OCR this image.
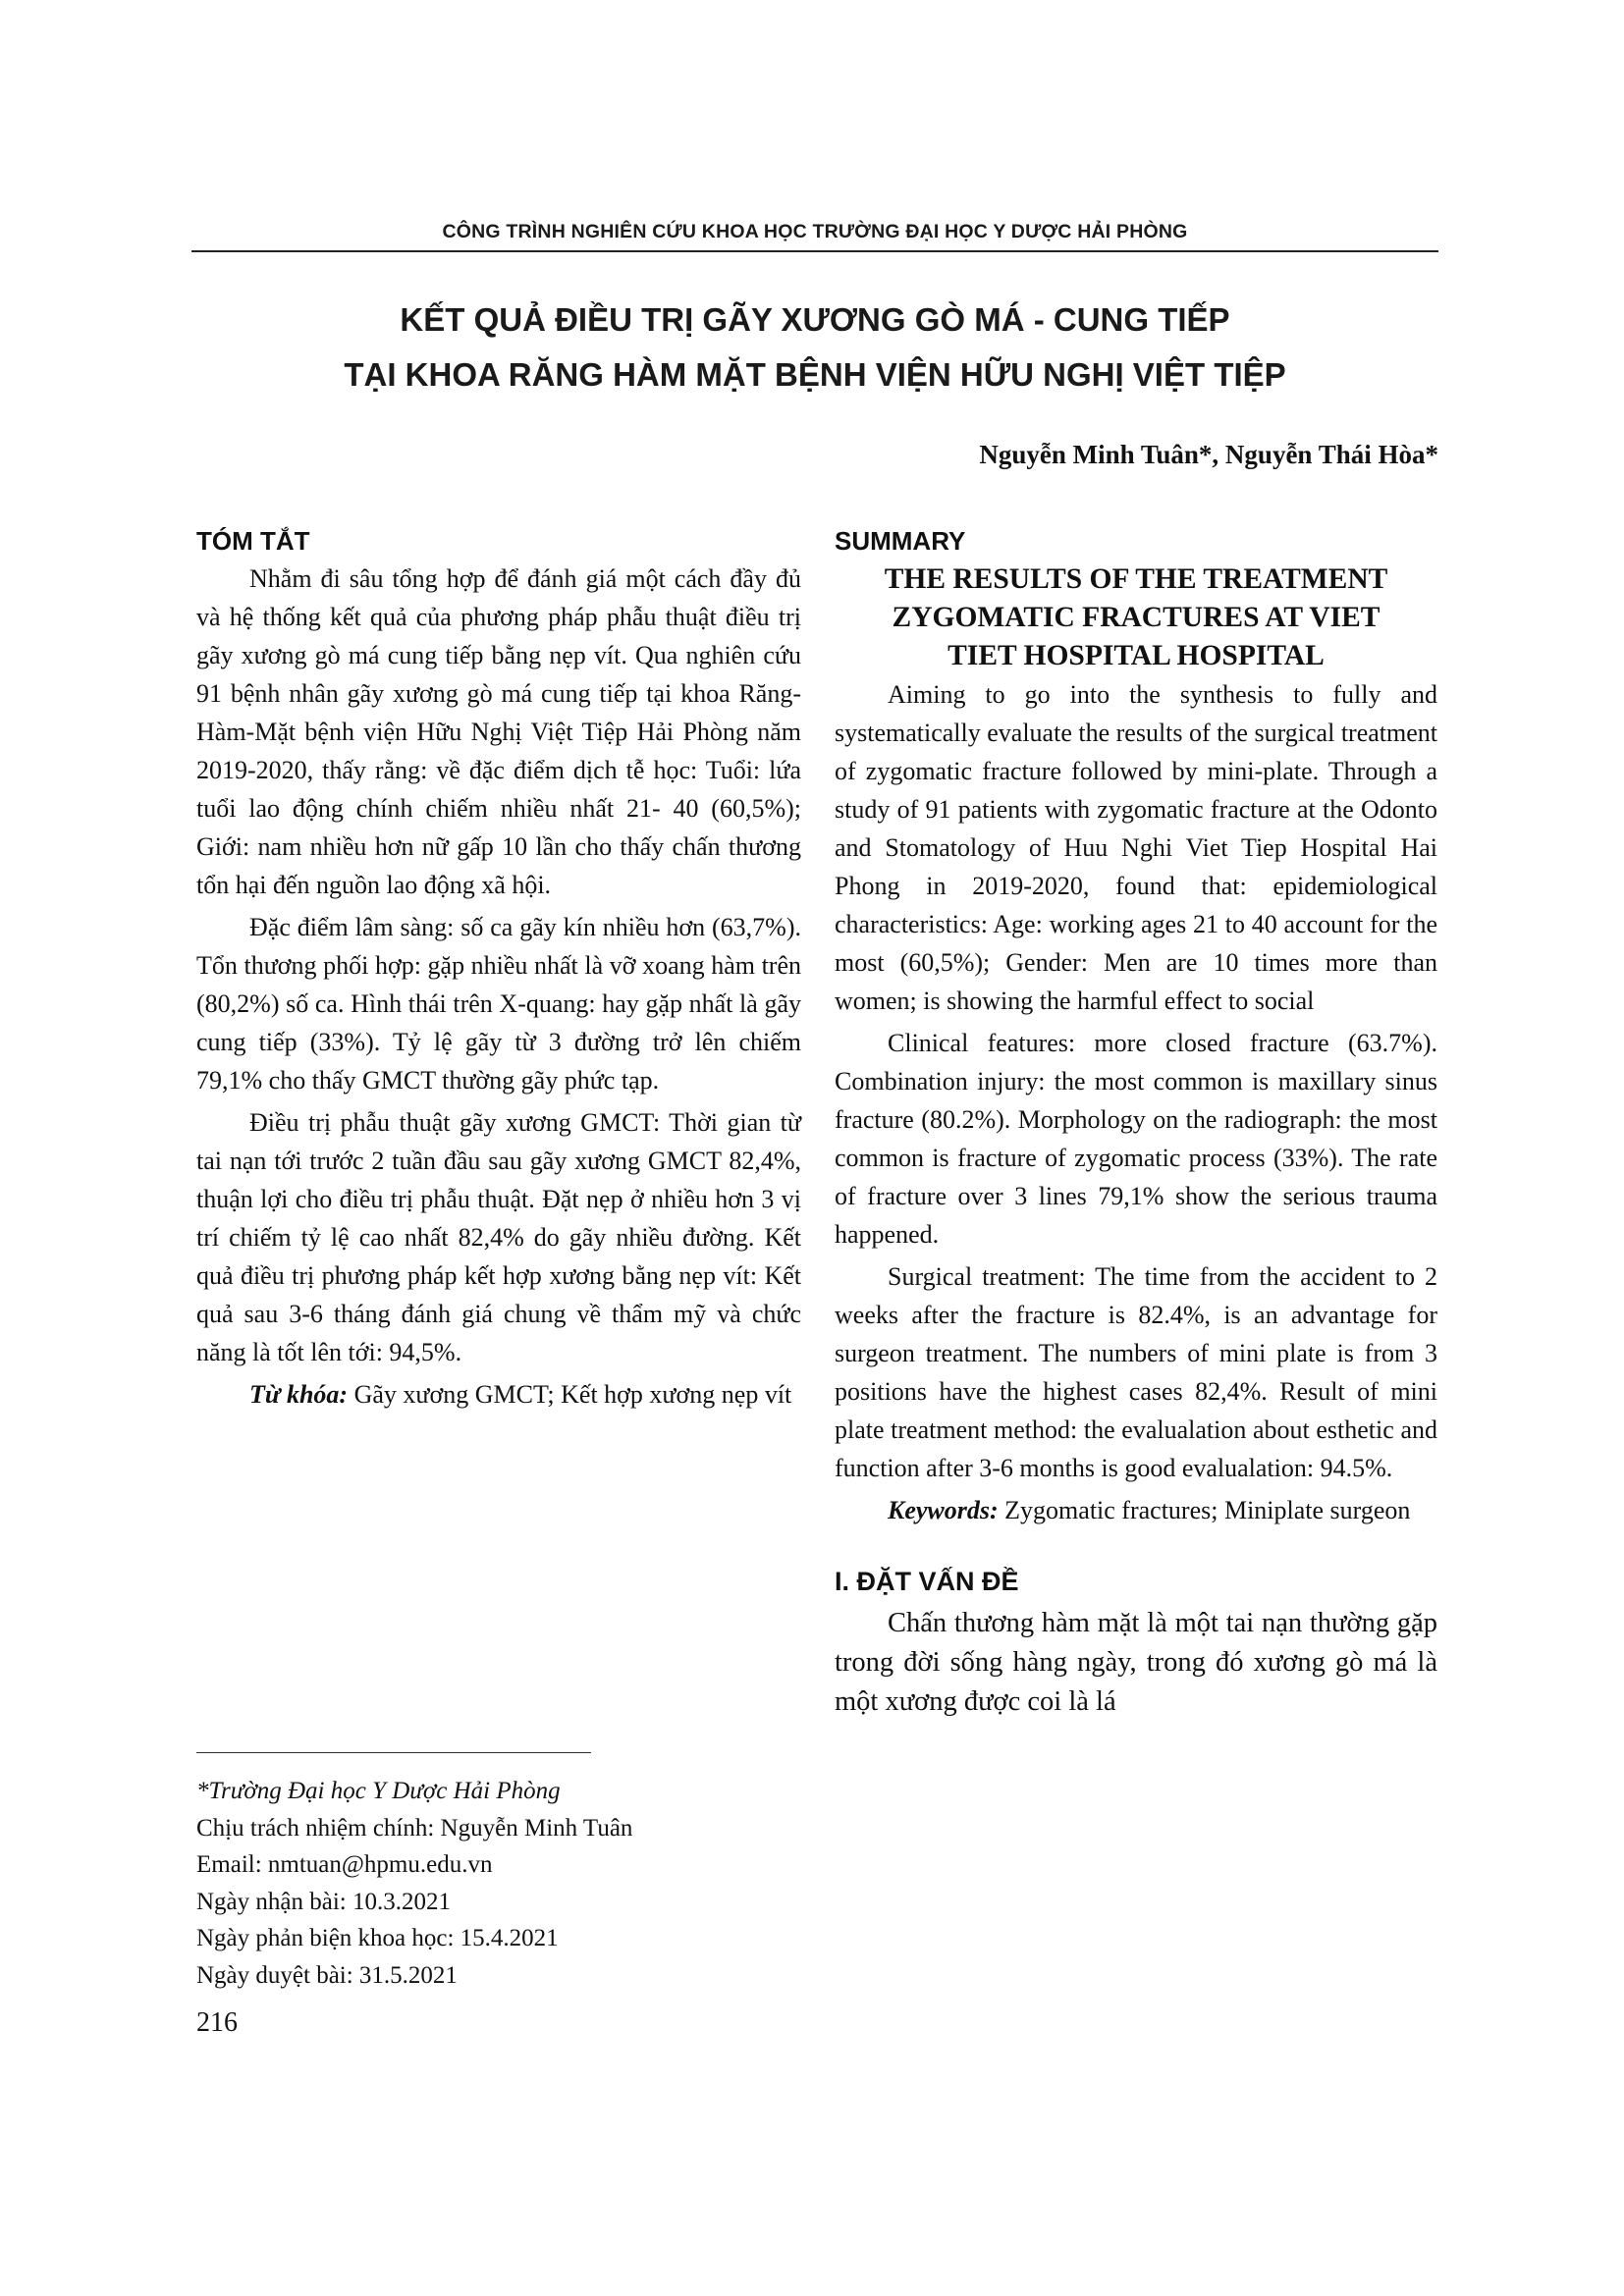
CÔNG TRÌNH NGHIÊN CỨU KHOA HỌC TRƯỜNG ĐẠI HỌC Y DƯỢC HẢI PHÒNG
KẾT QUẢ ĐIỀU TRỊ GÃY XƯƠNG GÒ MÁ - CUNG TIẾP
TẠI KHOA RĂNG HÀM MẶT BỆNH VIỆN HỮU NGHỊ VIỆT TIỆP
Nguyễn Minh Tuân*, Nguyễn Thái Hòa*
TÓM TẮT

Nhằm đi sâu tổng hợp để đánh giá một cách đầy đủ và hệ thống kết quả của phương pháp phẫu thuật điều trị gãy xương gò má cung tiếp bằng nẹp vít. Qua nghiên cứu 91 bệnh nhân gãy xương gò má cung tiếp tại khoa Răng-Hàm-Mặt bệnh viện Hữu Nghị Việt Tiệp Hải Phòng năm 2019-2020, thấy rằng: về đặc điểm dịch tễ học: Tuổi: lứa tuổi lao động chính chiếm nhiều nhất 21- 40 (60,5%); Giới: nam nhiều hơn nữ gấp 10 lần cho thấy chấn thương tổn hại đến nguồn lao động xã hội.

Đặc điểm lâm sàng: số ca gãy kín nhiều hơn (63,7%). Tổn thương phối hợp: gặp nhiều nhất là vỡ xoang hàm trên (80,2%) số ca. Hình thái trên X-quang: hay gặp nhất là gãy cung tiếp (33%). Tỷ lệ gãy từ 3 đường trở lên chiếm 79,1% cho thấy GMCT thường gãy phức tạp.

Điều trị phẫu thuật gãy xương GMCT: Thời gian từ tai nạn tới trước 2 tuần đầu sau gãy xương GMCT 82,4%, thuận lợi cho điều trị phẫu thuật. Đặt nẹp ở nhiều hơn 3 vị trí chiếm tỷ lệ cao nhất 82,4% do gãy nhiều đường. Kết quả điều trị phương pháp kết hợp xương bằng nẹp vít: Kết quả sau 3-6 tháng đánh giá chung về thẩm mỹ và chức năng là tốt lên tới: 94,5%.

Từ khóa: Gãy xương GMCT; Kết hợp xương nẹp vít

*Trường Đại học Y Dược Hải Phòng
Chịu trách nhiệm chính: Nguyễn Minh Tuân
Email: nmtuan@hpmu.edu.vn
Ngày nhận bài: 10.3.2021
Ngày phản biện khoa học: 15.4.2021
Ngày duyệt bài: 31.5.2021
216
SUMMARY
THE RESULTS OF THE TREATMENT
ZYGOMATIC FRACTURES AT VIET
TIET HOSPITAL HOSPITAL

Aiming to go into the synthesis to fully and systematically evaluate the results of the surgical treatment of zygomatic fracture followed by mini-plate. Through a study of 91 patients with zygomatic fracture at the Odonto and Stomatology of Huu Nghi Viet Tiep Hospital Hai Phong in 2019-2020, found that: epidemiological characteristics: Age: working ages 21 to 40 account for the most (60,5%); Gender: Men are 10 times more than women; is showing the harmful effect to social

Clinical features: more closed fracture (63.7%). Combination injury: the most common is maxillary sinus fracture (80.2%). Morphology on the radiograph: the most common is fracture of zygomatic process (33%). The rate of fracture over 3 lines 79,1% show the serious trauma happened.

Surgical treatment: The time from the accident to 2 weeks after the fracture is 82.4%, is an advantage for surgeon treatment. The numbers of mini plate is from 3 positions have the highest cases 82,4%. Result of mini plate treatment method: the evalualation about esthetic and function after 3-6 months is good evalualation: 94.5%.

Keywords: Zygomatic fractures; Miniplate surgeon

I. ĐẶT VẤN ĐỀ

Chấn thương hàm mặt là một tai nạn thường gặp trong đời sống hàng ngày, trong đó xương gò má là một xương được coi là lá
